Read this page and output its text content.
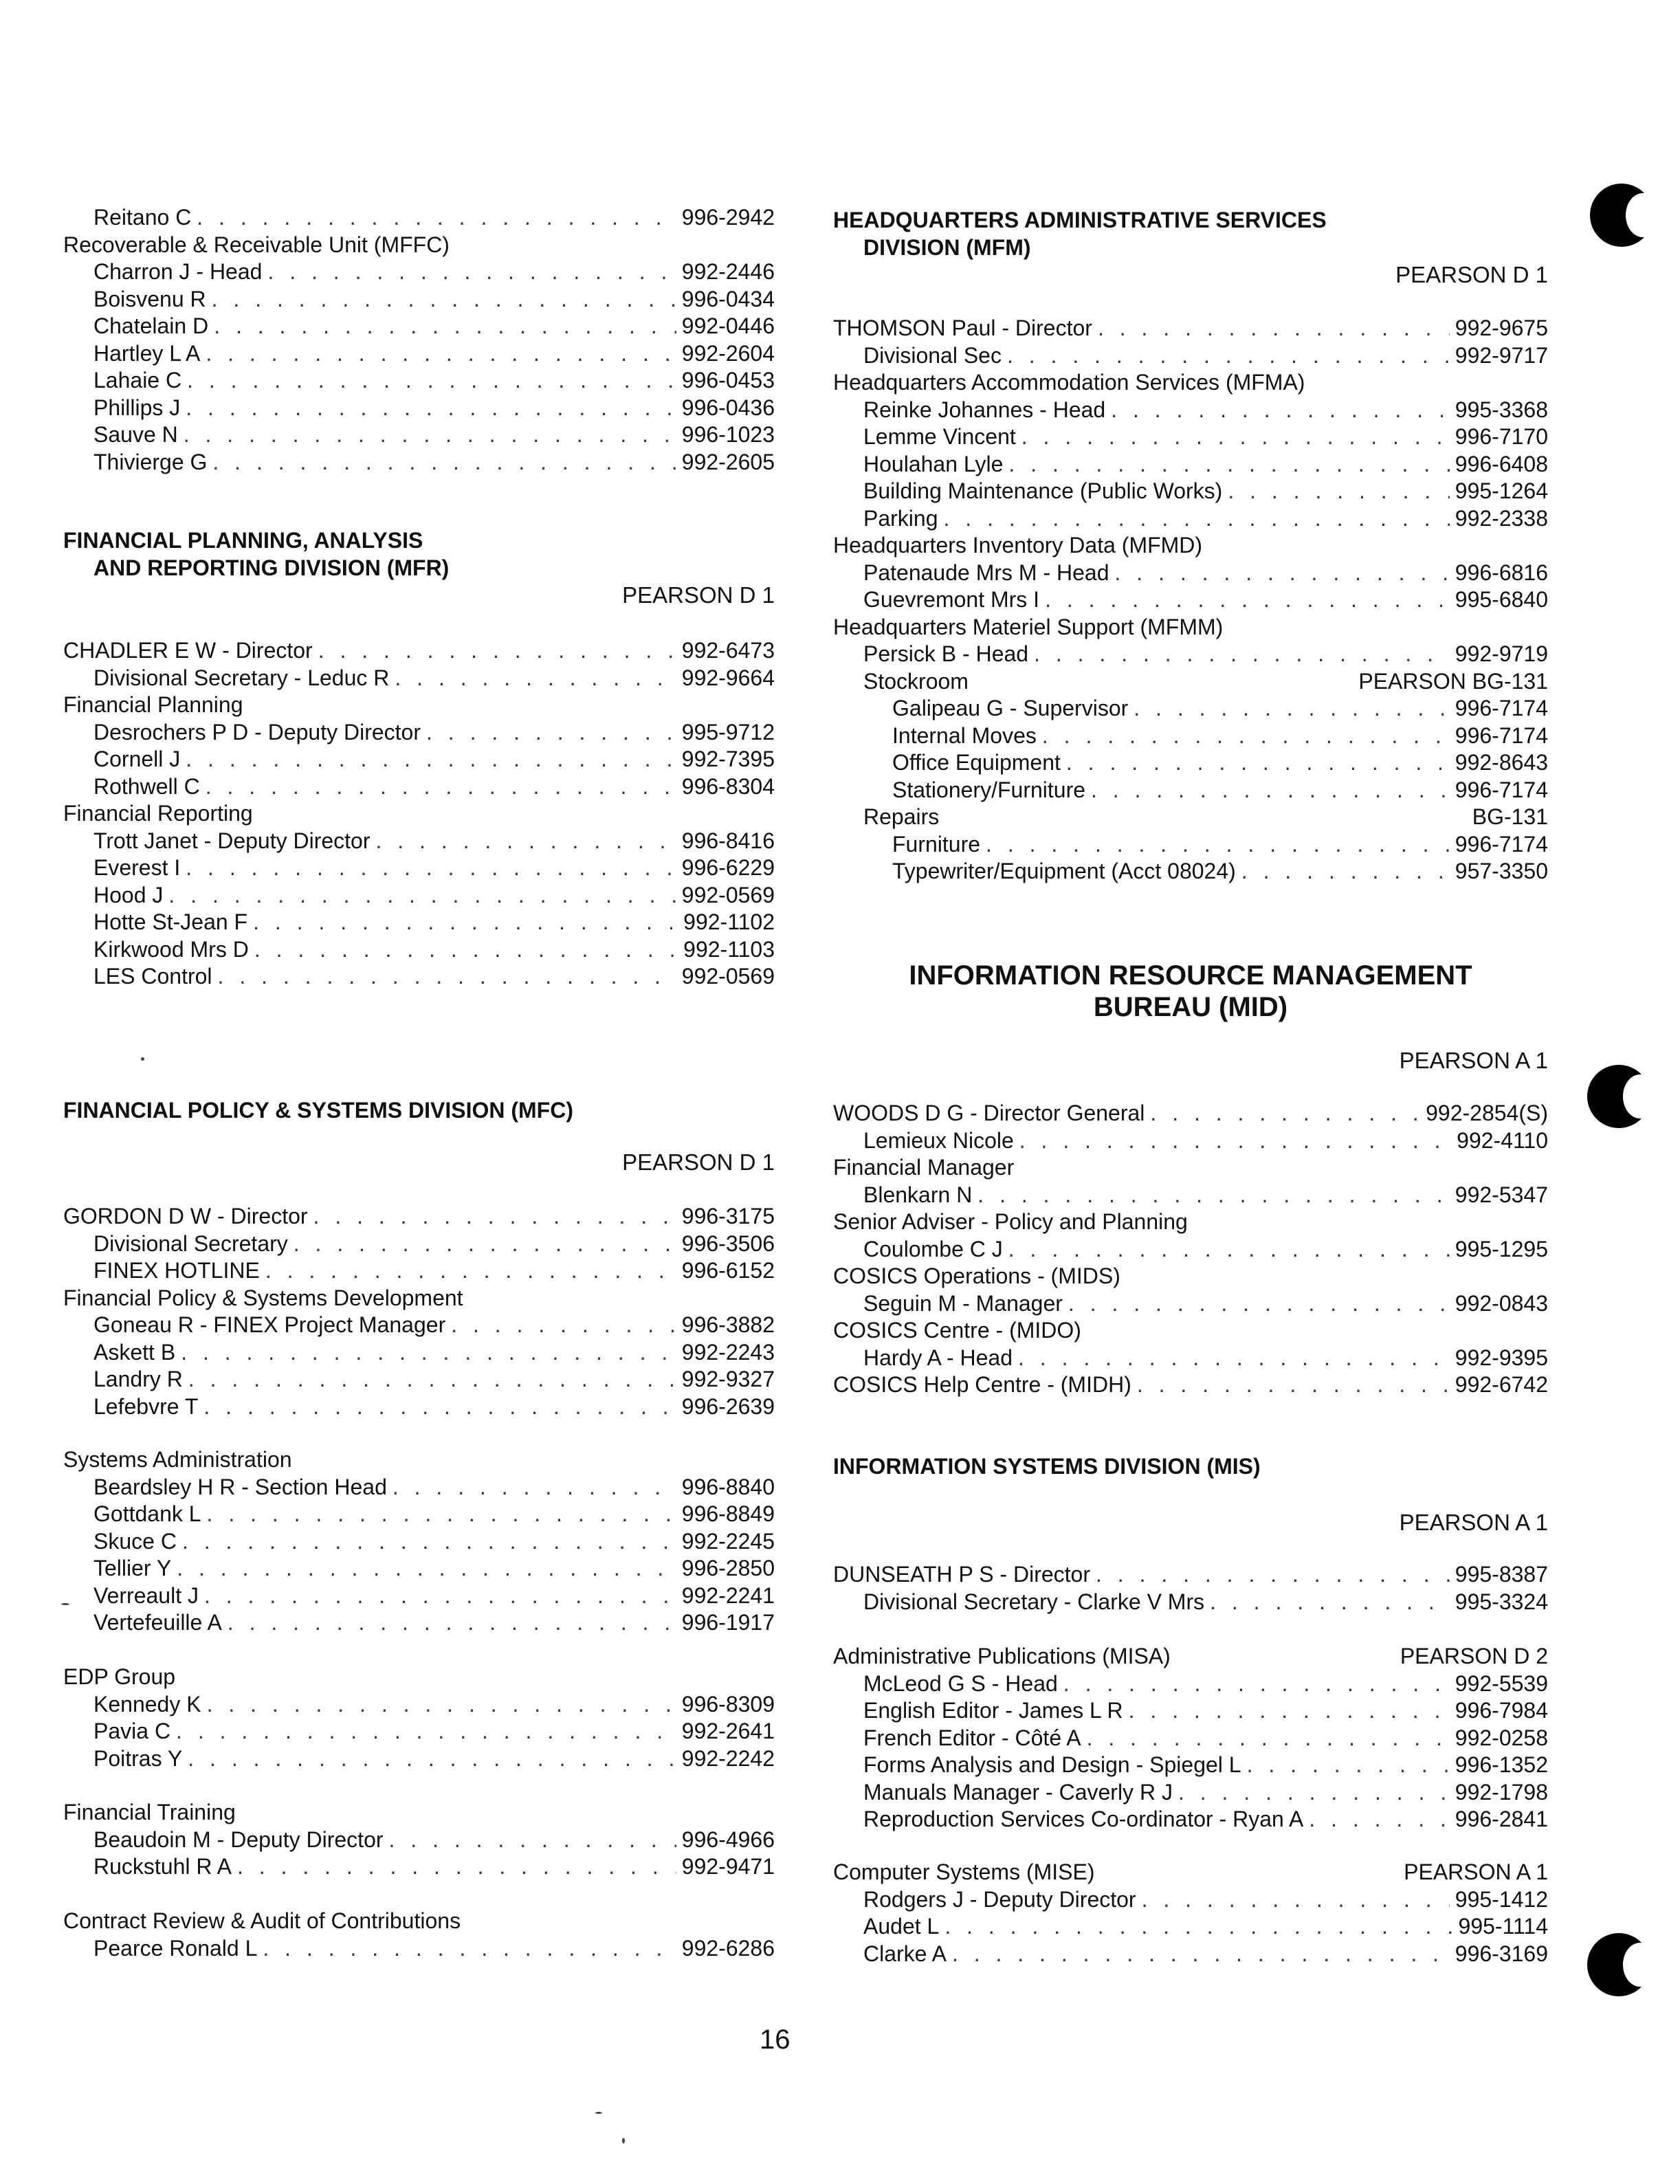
Reitano C . . .	996-2942
Recoverable & Receivable Unit (MFFC)
Charron J - Head . . .	992-2446
Boisvenu R . . .	996-0434
Chatelain D . . .	992-0446
Hartley L A . . .	992-2604
Lahaie C . . .	996-0453
Phillips J . . .	996-0436
Sauve N . . .	996-1023
Thivierge G . . .	992-2605
FINANCIAL PLANNING, ANALYSIS
AND REPORTING DIVISION (MFR)
PEARSON D 1
CHADLER E W - Director . . .	992-6473
Divisional Secretary - Leduc R . . .	992-9664
Financial Planning
Desrochers P D - Deputy Director . . .	995-9712
Cornell J . . .	992-7395
Rothwell C . . .	996-8304
Financial Reporting
Trott Janet - Deputy Director . . .	996-8416
Everest I . . .	996-6229
Hood J . . .	992-0569
Hotte St-Jean F . . .	992-1102
Kirkwood Mrs D . . .	992-1103
LES Control . . .	992-0569
FINANCIAL POLICY & SYSTEMS DIVISION (MFC)
PEARSON D 1
GORDON D W - Director . . .	996-3175
Divisional Secretary . . .	996-3506
FINEX HOTLINE . . .	996-6152
Financial Policy & Systems Development
Goneau R - FINEX Project Manager . . .	996-3882
Askett B . . .	992-2243
Landry R . . .	992-9327
Lefebvre T . . .	996-2639
Systems Administration
Beardsley H R - Section Head . . .	996-8840
Gottdank L . . .	996-8849
Skuce C . . .	992-2245
Tellier Y . . .	996-2850
Verreault J . . .	992-2241
Vertefeuille A . . .	996-1917
EDP Group
Kennedy K . . .	996-8309
Pavia C . . .	992-2641
Poitras Y . . .	992-2242
Financial Training
Beaudoin M - Deputy Director . . .	996-4966
Ruckstuhl R A . . .	992-9471
Contract Review & Audit of Contributions
Pearce Ronald L . . .	992-6286
HEADQUARTERS ADMINISTRATIVE SERVICES
DIVISION (MFM)
PEARSON D 1
THOMSON Paul - Director . . .	992-9675
Divisional Sec . . .	992-9717
Headquarters Accommodation Services (MFMA)
Reinke Johannes - Head . . .	995-3368
Lemme Vincent . . .	996-7170
Houlahan Lyle . . .	996-6408
Building Maintenance (Public Works) . . .	995-1264
Parking . . .	992-2338
Headquarters Inventory Data (MFMD)
Patenaude Mrs M - Head . . .	996-6816
Guevremont Mrs I . . .	995-6840
Headquarters Materiel Support (MFMM)
Persick B - Head . . .	992-9719
Stockroom	PEARSON BG-131
Galipeau G - Supervisor . . .	996-7174
Internal Moves . . .	996-7174
Office Equipment . . .	992-8643
Stationery/Furniture . . .	996-7174
Repairs	BG-131
Furniture . . .	996-7174
Typewriter/Equipment (Acct 08024) . . .	957-3350
INFORMATION RESOURCE MANAGEMENT
BUREAU (MID)
PEARSON A 1
WOODS D G - Director General . . .	992-2854(S)
Lemieux Nicole . . .	992-4110
Financial Manager
Blenkarn N . . .	992-5347
Senior Adviser - Policy and Planning
Coulombe C J . . .	995-1295
COSICS Operations - (MIDS)
Seguin M - Manager . . .	992-0843
COSICS Centre - (MIDO)
Hardy A - Head . . .	992-9395
COSICS Help Centre - (MIDH) . . .	992-6742
INFORMATION SYSTEMS DIVISION (MIS)
PEARSON A 1
DUNSEATH P S - Director . . .	995-8387
Divisional Secretary - Clarke V Mrs . . .	995-3324
Administrative Publications (MISA)	PEARSON D 2
McLeod G S - Head . . .	992-5539
English Editor - James L R . . .	996-7984
French Editor - Côté A . . .	992-0258
Forms Analysis and Design - Spiegel L . . .	996-1352
Manuals Manager - Caverly R J . . .	992-1798
Reproduction Services Co-ordinator - Ryan A . . .	996-2841
Computer Systems (MISE)	PEARSON A 1
Rodgers J - Deputy Director . . .	995-1412
Audet L . . .	995-1114
Clarke A . . .	996-3169
16
